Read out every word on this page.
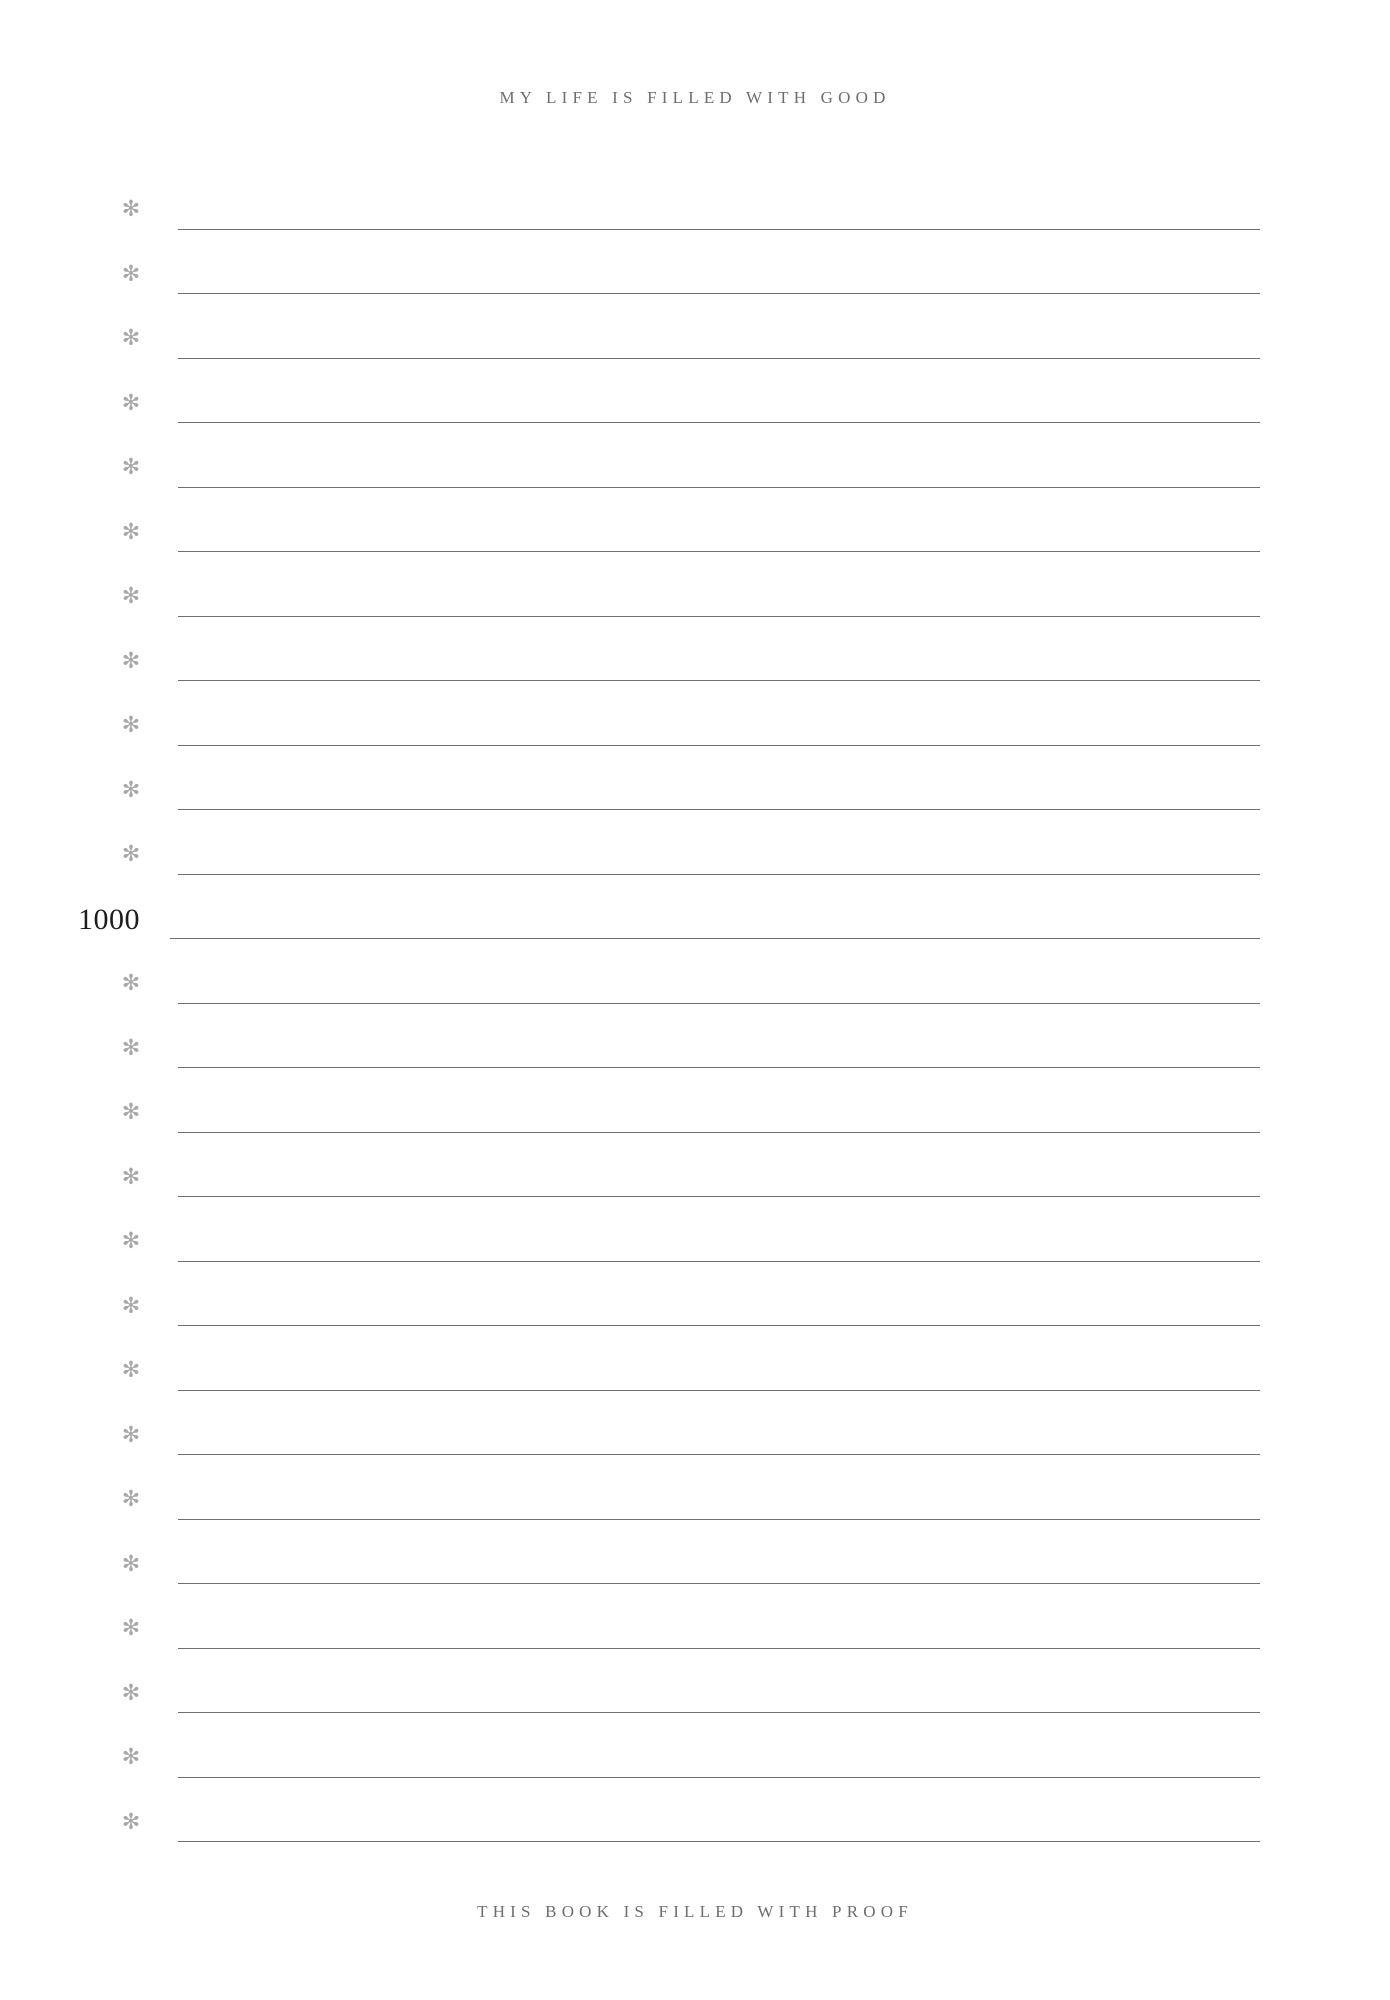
MY LIFE IS FILLED WITH GOOD
✻
✻
✻
✻
✻
✻
✻
✻
✻
✻
✻
1000
✻
✻
✻
✻
✻
✻
✻
✻
✻
✻
✻
✻
✻
✻
THIS BOOK IS FILLED WITH PROOF
